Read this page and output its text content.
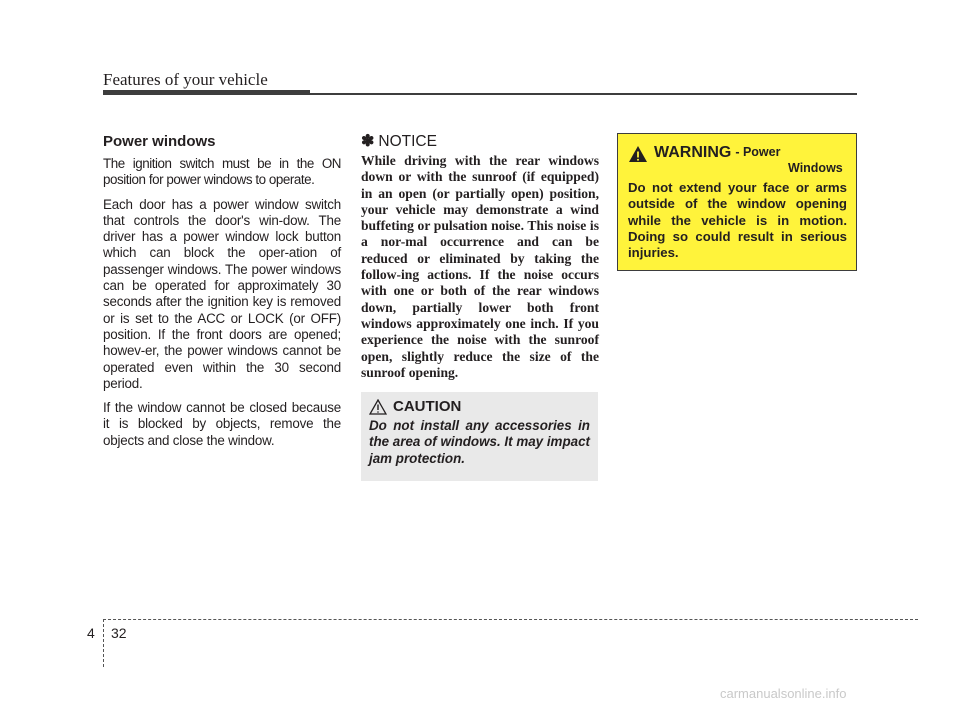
Features of your vehicle
Power windows

The ignition switch must be in the ON position for power windows to operate.

Each door has a power window switch that controls the door's win-dow. The driver has a power window lock button which can block the oper-ation of passenger windows. The power windows can be operated for approximately 30 seconds after the ignition key is removed or is set to the ACC or LOCK (or OFF) position. If the front doors are opened; howev-er, the power windows cannot be operated even within the 30 second period.

If the window cannot be closed because it is blocked by objects, remove the objects and close the window.

✽ NOTICE

While driving with the rear windows down or with the sunroof (if equipped) in an open (or partially open) position, your vehicle may demonstrate a wind buffeting or pulsation noise. This noise is a nor-mal occurrence and can be reduced or eliminated by taking the follow-ing actions. If the noise occurs with one or both of the rear windows down, partially lower both front windows approximately one inch. If you experience the noise with the sunroof open, slightly reduce the size of the sunroof opening.

CAUTION

Do not install any accessories in the area of windows. It may impact jam protection.

WARNING - Power
Windows

Do not extend your face or arms outside of the window opening while the vehicle is in motion. Doing so could result in serious injuries.

4 32
carmanualsonline.info
